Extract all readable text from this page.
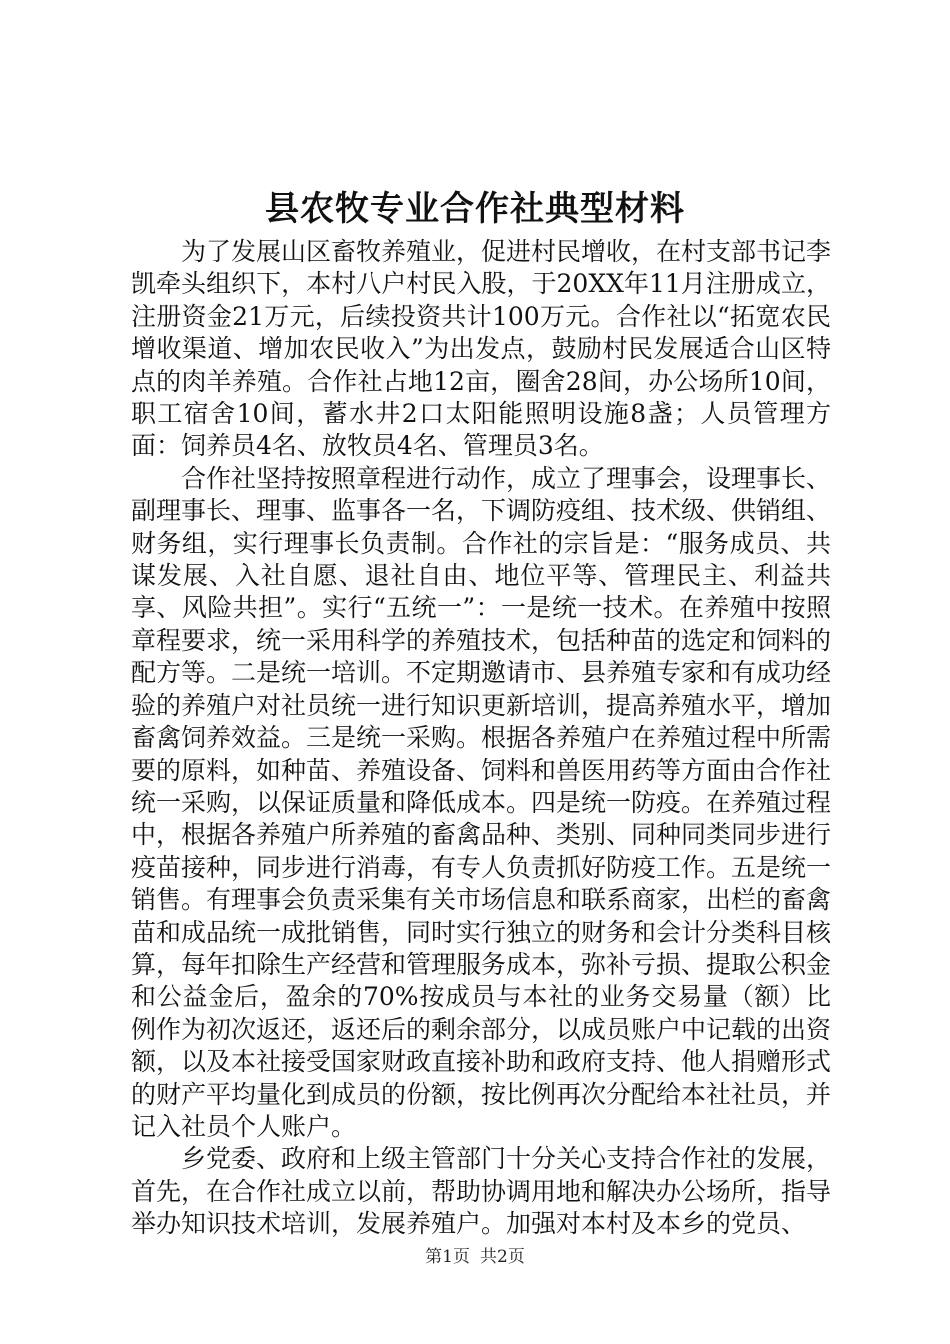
县农牧专业合作社典型材料

为了发展山区畜牧养殖业，促进村民增收，在村支部书记李凯牵头组织下，本村八户村民入股，于20XX年11月注册成立，注册资金21万元，后续投资共计100万元。合作社以“拓宽农民增收渠道、增加农民收入”为出发点，鼓励村民发展适合山区特点的肉羊养殖。合作社占地12亩，圈舍28间，办公场所10间，职工宿舍10间，蓄水井2口太阳能照明设施8盏；人员管理方面：饲养员4名、放牧员4名、管理员3名。

合作社坚持按照章程进行动作，成立了理事会，设理事长、副理事长、理事、监事各一名，下调防疫组、技术级、供销组、财务组，实行理事长负责制。合作社的宗旨是：“服务成员、共谋发展、入社自愿、退社自由、地位平等、管理民主、利益共享、风险共担”。实行“五统一”：一是统一技术。在养殖中按照章程要求，统一采用科学的养殖技术，包括种苗的选定和饲料的配方等。二是统一培训。不定期邀请市、县养殖专家和有成功经验的养殖户对社员统一进行知识更新培训，提高养殖水平，增加畜禽饲养效益。三是统一采购。根据各养殖户在养殖过程中所需要的原料，如种苗、养殖设备、饲料和兽医用药等方面由合作社统一采购，以保证质量和降低成本。四是统一防疫。在养殖过程中，根据各养殖户所养殖的畜禽品种、类别、同种同类同步进行疫苗接种，同步进行消毒，有专人负责抓好防疫工作。五是统一销售。有理事会负责采集有关市场信息和联系商家，出栏的畜禽苗和成品统一成批销售，同时实行独立的财务和会计分类科目核算，每年扣除生产经营和管理服务成本，弥补亏损、提取公积金和公益金后，盈余的70%按成员与本社的业务交易量（额）比例作为初次返还，返还后的剩余部分，以成员账户中记载的出资额，以及本社接受国家财政直接补助和政府支持、他人捐赠形式的财产平均量化到成员的份额，按比例再次分配给本社社员，并记入社员个人账户。

乡党委、政府和上级主管部门十分关心支持合作社的发展，首先，在合作社成立以前，帮助协调用地和解决办公场所，指导举办知识技术培训，发展养殖户。加强对本村及本乡的党员、

第1页 共2页
